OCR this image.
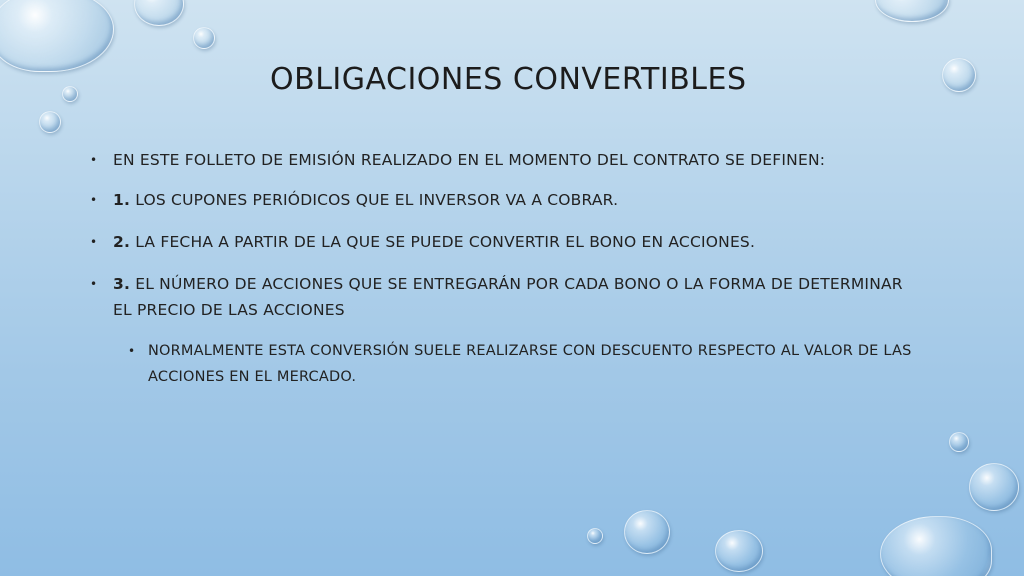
OBLIGACIONES CONVERTIBLES
• EN ESTE FOLLETO DE EMISIÓN REALIZADO EN EL MOMENTO DEL CONTRATO SE DEFINEN:
• 1. LOS CUPONES PERIÓDICOS QUE EL INVERSOR VA A COBRAR.
• 2. LA FECHA A PARTIR DE LA QUE SE PUEDE CONVERTIR EL BONO EN ACCIONES.
• 3. EL NÚMERO DE ACCIONES QUE SE ENTREGARÁN POR CADA BONO O LA FORMA DE DETERMINAR EL PRECIO DE LAS ACCIONES
• NORMALMENTE ESTA CONVERSIÓN SUELE REALIZARSE CON DESCUENTO RESPECTO AL VALOR DE LAS ACCIONES EN EL MERCADO.
